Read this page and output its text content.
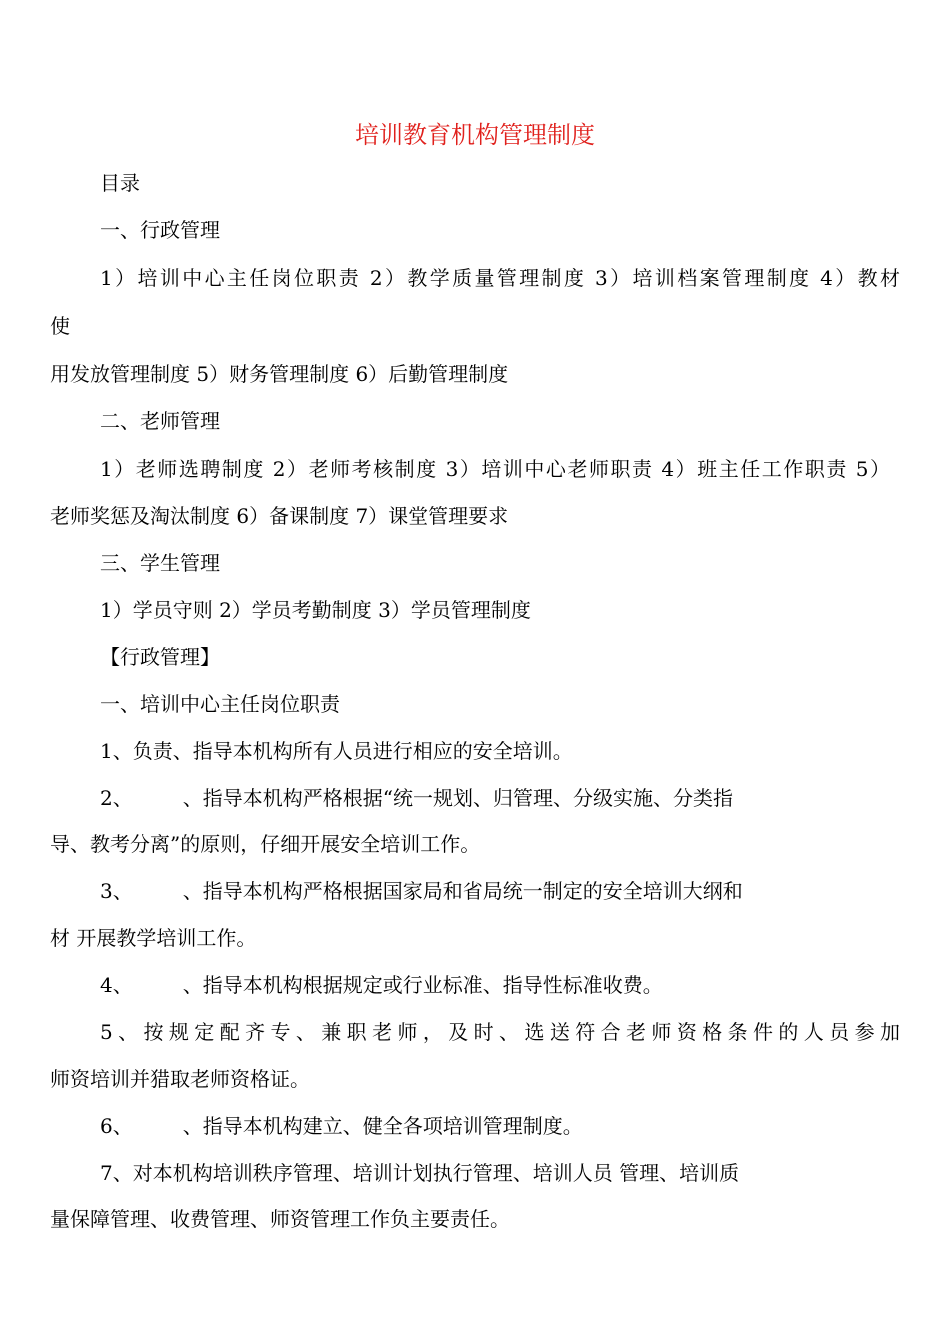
培训教育机构管理制度
目录
一、行政管理
1）培训中心主任岗位职责 2）教学质量管理制度 3）培训档案管理制度 4）教材
使
用发放管理制度 5）财务管理制度 6）后勤管理制度
二、老师管理
1）老师选聘制度 2）老师考核制度 3）培训中心老师职责 4）班主任工作职责 5）
老师奖惩及淘汰制度 6）备课制度 7）课堂管理要求
三、学生管理
1）学员守则 2）学员考勤制度 3）学员管理制度
【行政管理】
一、培训中心主任岗位职责
1、负责、指导本机构所有人员进行相应的安全培训。
2、　　　、指导本机构严格根据“统一规划、归管理、分级实施、分类指
导、教考分离”的原则，仔细开展安全培训工作。
3、　　　、指导本机构严格根据国家局和省局统一制定的安全培训大纲和
材 开展教学培训工作。
4、　　　、指导本机构根据规定或行业标准、指导性标准收费。
5、按规定配齐专、兼职老师，及时、选送符合老师资格条件的人员参加
师资培训并猎取老师资格证。
6、　　　、指导本机构建立、健全各项培训管理制度。
7、对本机构培训秩序管理、培训计划执行管理、培训人员 管理、培训质
量保障管理、收费管理、师资管理工作负主要责任。
